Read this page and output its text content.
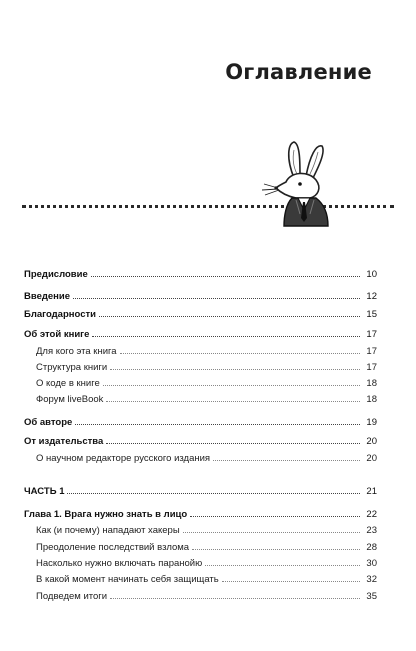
Оглавление
Предисловие	10
Введение	12
Благодарности	15
Об этой книге	17
Для кого эта книга	17
Структура книги	17
О коде в книге	18
Форум liveBook	18
Об авторе	19
От издательства	20
О научном редакторе русского издания	20
ЧАСТЬ 1	21
Глава 1. Врага нужно знать в лицо	22
Как (и почему) нападают хакеры	23
Преодоление последствий взлома	28
Насколько нужно включать паранойю	30
В какой момент начинать себя защищать	32
Подведем итоги	35
